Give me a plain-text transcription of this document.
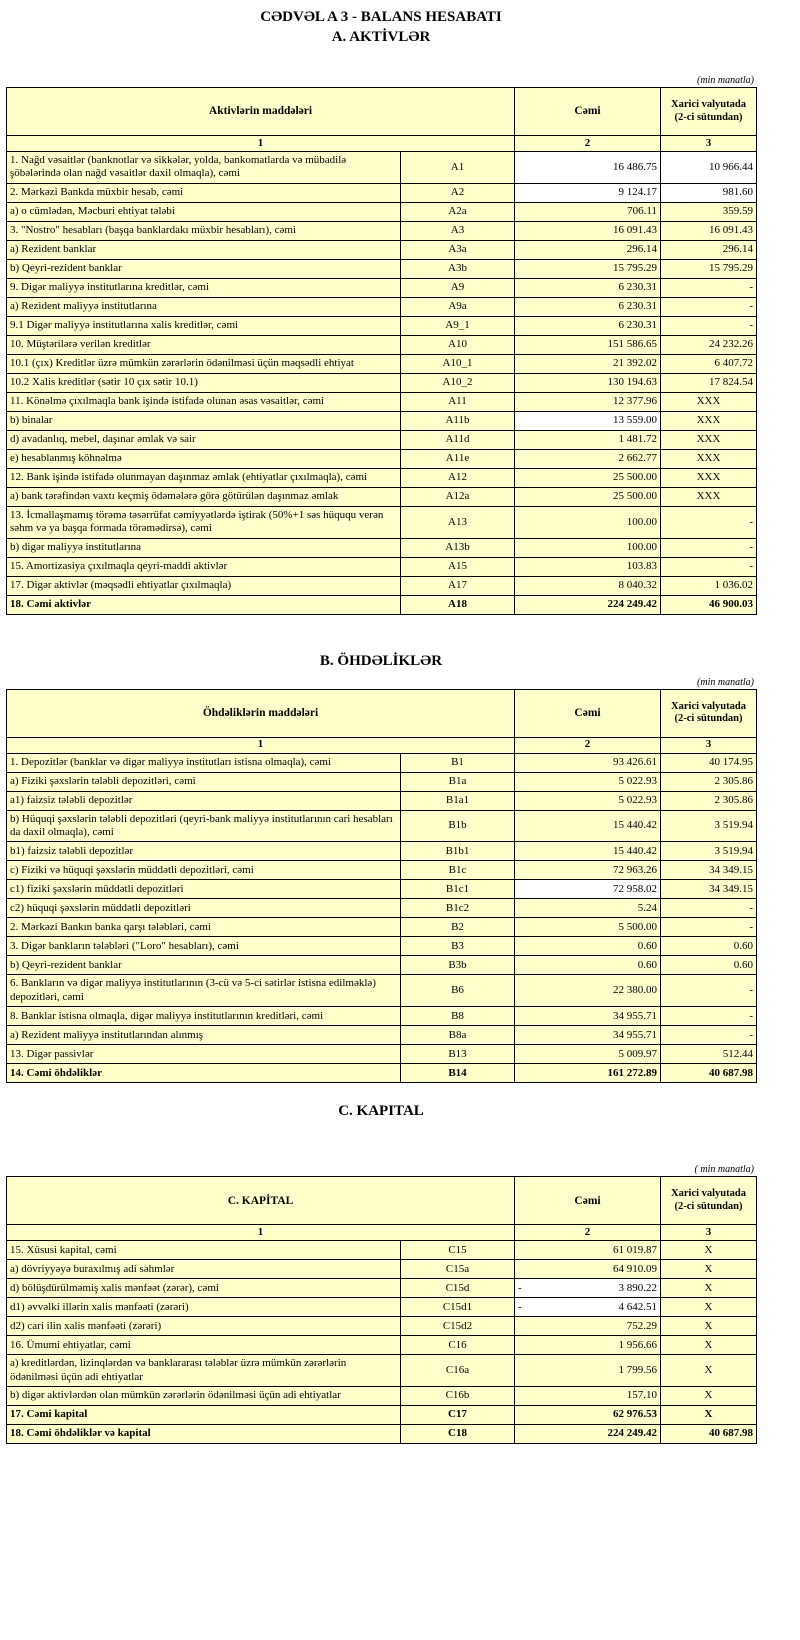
CƏDVƏL A 3 - BALANS HESABATI
A. AKTİVLƏR
(min manatla)
Aktivlərin maddələri		Cəmi	Xarici valyutada (2-ci sütundan)
1		2	3
1. Nağd vəsaitlər (banknotlar və sikkələr, yolda, bankomatlarda və mübadilə şöbələrində olan nağd vəsaitlər daxil olmaqla), cəmi	A1	16 486.75	10 966.44
2. Mərkəzi Bankda müxbir hesab, cəmi	A2	9 124.17	981.60
a) o cümlədən, Məcburi ehtiyat tələbi	A2a	706.11	359.59
3. "Nostro" hesabları (başqa banklardakı müxbir hesabları), cəmi	A3	16 091.43	16 091.43
a) Rezident banklar	A3a	296.14	296.14
b) Qeyri-rezident banklar	A3b	15 795.29	15 795.29
9. Digər maliyyə institutlarına kreditlər, cəmi	A9	6 230.31	-
a) Rezident maliyyə institutlarına	A9a	6 230.31	-
9.1 Digər maliyyə institutlarına xalis kreditlər, cəmi	A9_1	6 230.31	-
10. Müştərilərə verilən kreditlər	A10	151 586.65	24 232.26
10.1 (çıx) Kreditlər üzrə mümkün zərərlərin ödənilməsi üçün məqsədli ehtiyat	A10_1	21 392.02	6 407.72
10.2 Xalis kreditlər (sətir 10 çıx sətir 10.1)	A10_2	130 194.63	17 824.54
11. Könəlmə çıxılmaqla bank işində istifadə olunan əsas vəsaitlər, cəmi	A11	12 377.96	XXX
b) binalar	A11b	13 559.00	XXX
d) avadanlıq, mebel, daşınar əmlak və sair	A11d	1 481.72	XXX
e) hesablanmış köhnəlmə	A11e	2 662.77	XXX
12. Bank işində istifadə olunmayan daşınmaz əmlak (ehtiyatlar çıxılmaqla), cəmi	A12	25 500.00	XXX
a) bank tərəfindən vaxtı keçmiş ödəmələrə görə götürülən daşınmaz əmlak	A12a	25 500.00	XXX
13. İcmallaşmamış törəmə təsərrüfat cəmiyyətlərdə iştirak (50%+1 səs hüququ verən səhm və ya başqa formada törəmədirsə), cəmi	A13	100.00	-
b) digər maliyyə institutlarına	A13b	100.00	-
15. Amortizasiya çıxılmaqla qeyri-maddi aktivlər	A15	103.83	-
17. Digər aktivlər (məqsədli ehtiyatlar çıxılmaqla)	A17	8 040.32	1 036.02
18. Cəmi aktivlər	A18	224 249.42	46 900.03
B. ÖHDƏLİKLƏR
(min manatla)
Öhdəliklərin maddələri		Cəmi	Xarici valyutada (2-ci sütundan)
1		2	3
1. Depozitlər (banklar və digər maliyyə institutları istisna olmaqla), cəmi	B1	93 426.61	40 174.95
a) Fiziki şəxslərin tələbli depozitləri, cəmi	B1a	5 022.93	2 305.86
a1) faizsiz tələbli depozitlər	B1a1	5 022.93	2 305.86
b) Hüquqi şəxslərin tələbli depozitləri (qeyri-bank maliyyə institutlarının cari hesabları da daxil olmaqla), cəmi	B1b	15 440.42	3 519.94
b1) faizsiz tələbli depozitlər	B1b1	15 440.42	3 519.94
c) Fiziki və hüquqi şəxslərin müddətli depozitləri, cəmi	B1c	72 963.26	34 349.15
c1) fiziki şəxslərin müddətli depozitləri	B1c1	72 958.02	34 349.15
c2) hüquqi şəxslərin müddətli depozitləri	B1c2	5.24	-
2. Mərkəzi Bankın banka qarşı tələbləri, cəmi	B2	5 500.00	-
3. Digər bankların tələbləri ("Loro" hesabları), cəmi	B3	0.60	0.60
b) Qeyri-rezident banklar	B3b	0.60	0.60
6. Bankların və digər maliyyə institutlarının (3-cü və 5-ci sətirlər istisna edilməklə) depozitləri, cəmi	B6	22 380.00	-
8. Banklar istisna olmaqla, digər maliyyə institutlarının kreditləri, cəmi	B8	34 955.71	-
a) Rezident maliyyə institutlarından alınmış	B8a	34 955.71	-
13. Digər passivlər	B13	5 009.97	512.44
14. Cəmi öhdəliklər	B14	161 272.89	40 687.98
C. KAPITAL
( min manatla)
C. KAPİTAL		Cəmi	Xarici valyutada (2-ci sütundan)
1		2	3
15. Xüsusi kapital, cəmi	C15	61 019.87	X
a) dövriyyəyə buraxılmış adi səhmlər	C15a	64 910.09	X
d) bölüşdürülməmiş xalis mənfəət (zərər), cəmi	C15d	- 3 890.22	X
d1) əvvəlki illərin xalis mənfəəti (zərəri)	C15d1	- 4 642.51	X
d2) cari ilin xalis mənfəəti (zərəri)	C15d2	752.29	X
16. Ümumi ehtiyatlar, cəmi	C16	1 956.66	X
a) kreditlərdən, lizinqlərdən və banklararası tələblər üzrə mümkün zərərlərin ödənilməsi üçün adi ehtiyatlar	C16a	1 799.56	X
b) digər aktivlərdən olan mümkün zərərlərin ödənilməsi üçün adi ehtiyatlar	C16b	157.10	X
17. Cəmi kapital	C17	62 976.53	X
18. Cəmi öhdəliklər və kapital	C18	224 249.42	40 687.98
